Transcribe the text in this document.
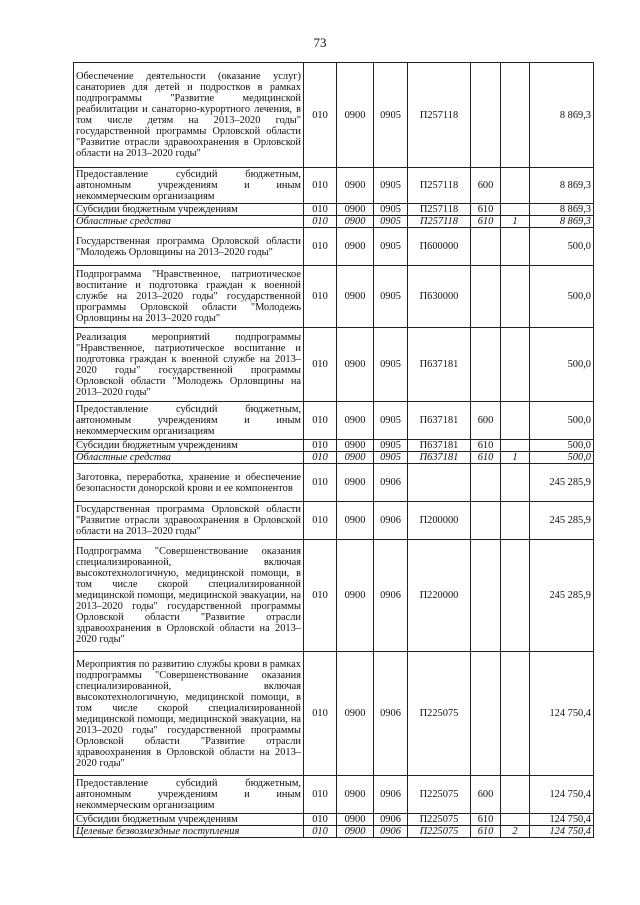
73
Обеспечение деятельности (оказание услуг) санаториев для детей и подростков в рамках подпрограммы "Развитие медицинской реабилитации и санаторно-курортного лечения, в том числе детям на 2013–2020 годы" государственной программы Орловской области "Развитие отрасли здравоохранения в Орловской области на 2013–2020 годы"	010	0900	0905	П257118			8 869,3
Предоставление субсидий бюджетным, автономным учреждениям и иным некоммерческим организациям	010	0900	0905	П257118	600		8 869,3
Субсидии бюджетным учреждениям	010	0900	0905	П257118	610		8 869,3
Областные средства	010	0900	0905	П257118	610	1	8 869,3
Государственная программа Орловской области "Молодежь Орловщины на 2013–2020 годы"	010	0900	0905	П600000			500,0
Подпрограмма "Нравственное, патриотическое воспитание и подготовка граждан к военной службе на 2013–2020 годы" государственной программы Орловской области "Молодежь Орловщины на 2013–2020 годы"	010	0900	0905	П630000			500,0
Реализация мероприятий подпрограммы "Нравственное, патриотическое воспитание и подготовка граждан к военной службе на 2013–2020 годы" государственной программы Орловской области "Молодежь Орловщины на 2013–2020 годы"	010	0900	0905	П637181			500,0
Предоставление субсидий бюджетным, автономным учреждениям и иным некоммерческим организациям	010	0900	0905	П637181	600		500,0
Субсидии бюджетным учреждениям	010	0900	0905	П637181	610		500,0
Областные средства	010	0900	0905	П637181	610	1	500,0
Заготовка, переработка, хранение и обеспечение безопасности донорской крови и ее компонентов	010	0900	0906				245 285,9
Государственная программа Орловской области "Развитие отрасли здравоохранения в Орловской области на 2013–2020 годы"	010	0900	0906	П200000			245 285,9
Подпрограмма "Совершенствование оказания специализированной, включая высокотехнологичную, медицинской помощи, в том числе скорой специализированной медицинской помощи, медицинской эвакуации, на 2013–2020 годы" государственной программы Орловской области "Развитие отрасли здравоохранения в Орловской области на 2013–2020 годы"	010	0900	0906	П220000			245 285,9
Мероприятия по развитию службы крови в рамках подпрограммы "Совершенствование оказания специализированной, включая высокотехнологичную, медицинской помощи, в том числе скорой специализированной медицинской помощи, медицинской эвакуации, на 2013–2020 годы" государственной программы Орловской области "Развитие отрасли здравоохранения в Орловской области на 2013–2020 годы"	010	0900	0906	П225075			124 750,4
Предоставление субсидий бюджетным, автономным учреждениям и иным некоммерческим организациям	010	0900	0906	П225075	600		124 750,4
Субсидии бюджетным учреждениям	010	0900	0906	П225075	610		124 750,4
Целевые безвозмездные поступления	010	0900	0906	П225075	610	2	124 750,4
